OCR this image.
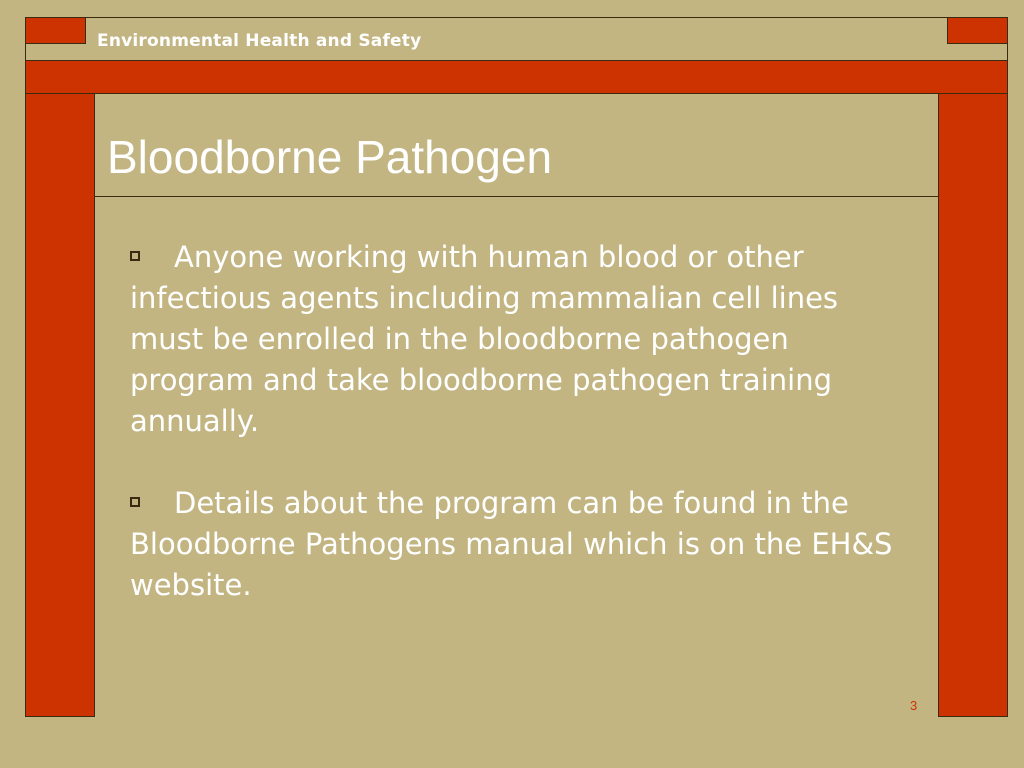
Environmental Health and Safety
Bloodborne Pathogen

Anyone working with human blood or other infectious agents including mammalian cell lines must be enrolled in the bloodborne pathogen program and take bloodborne pathogen training annually.

Details about the program can be found in the Bloodborne Pathogens manual which is on the EH&S website.

3
